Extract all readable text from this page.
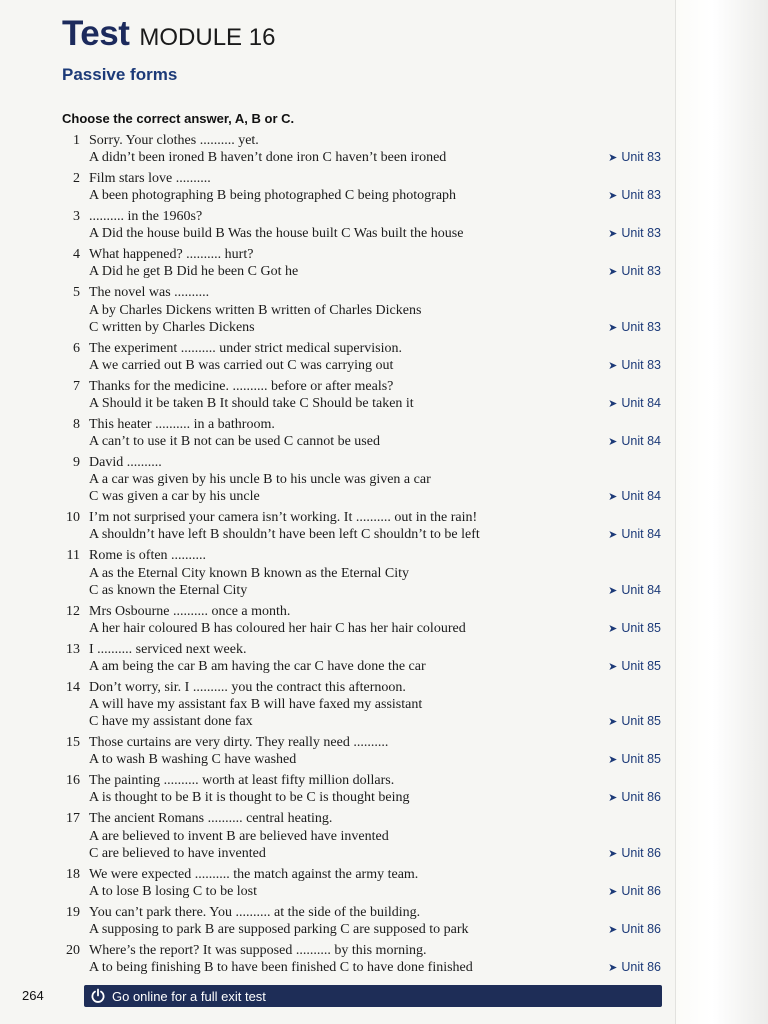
Test MODULE 16
Passive forms
Choose the correct answer, A, B or C.
1 Sorry. Your clothes .......... yet.
A didn’t been ironed B haven’t done iron C haven’t been ironed	➤ Unit 83
2 Film stars love ..........
A been photographing B being photographed C being photograph	➤ Unit 83
3 .......... in the 1960s?
A Did the house build B Was the house built C Was built the house	➤ Unit 83
4 What happened? .......... hurt?
A Did he get B Did he been C Got he	➤ Unit 83
5 The novel was ..........
A by Charles Dickens written B written of Charles Dickens
C written by Charles Dickens	➤ Unit 83
6 The experiment .......... under strict medical supervision.
A we carried out B was carried out C was carrying out	➤ Unit 83
7 Thanks for the medicine. .......... before or after meals?
A Should it be taken B It should take C Should be taken it	➤ Unit 84
8 This heater .......... in a bathroom.
A can’t to use it B not can be used C cannot be used	➤ Unit 84
9 David ..........
A a car was given by his uncle B to his uncle was given a car
C was given a car by his uncle	➤ Unit 84
10 I’m not surprised your camera isn’t working. It .......... out in the rain!
A shouldn’t have left B shouldn’t have been left C shouldn’t to be left	➤ Unit 84
11 Rome is often ..........
A as the Eternal City known B known as the Eternal City
C as known the Eternal City	➤ Unit 84
12 Mrs Osbourne .......... once a month.
A her hair coloured B has coloured her hair C has her hair coloured	➤ Unit 85
13 I .......... serviced next week.
A am being the car B am having the car C have done the car	➤ Unit 85
14 Don’t worry, sir. I .......... you the contract this afternoon.
A will have my assistant fax B will have faxed my assistant
C have my assistant done fax	➤ Unit 85
15 Those curtains are very dirty. They really need ..........
A to wash B washing C have washed	➤ Unit 85
16 The painting .......... worth at least fifty million dollars.
A is thought to be B it is thought to be C is thought being	➤ Unit 86
17 The ancient Romans .......... central heating.
A are believed to invent B are believed have invented
C are believed to have invented	➤ Unit 86
18 We were expected .......... the match against the army team.
A to lose B losing C to be lost	➤ Unit 86
19 You can’t park there. You .......... at the side of the building.
A supposing to park B are supposed parking C are supposed to park	➤ Unit 86
20 Where’s the report? It was supposed .......... by this morning.
A to being finishing B to have been finished C to have done finished	➤ Unit 86
264	Go online for a full exit test
